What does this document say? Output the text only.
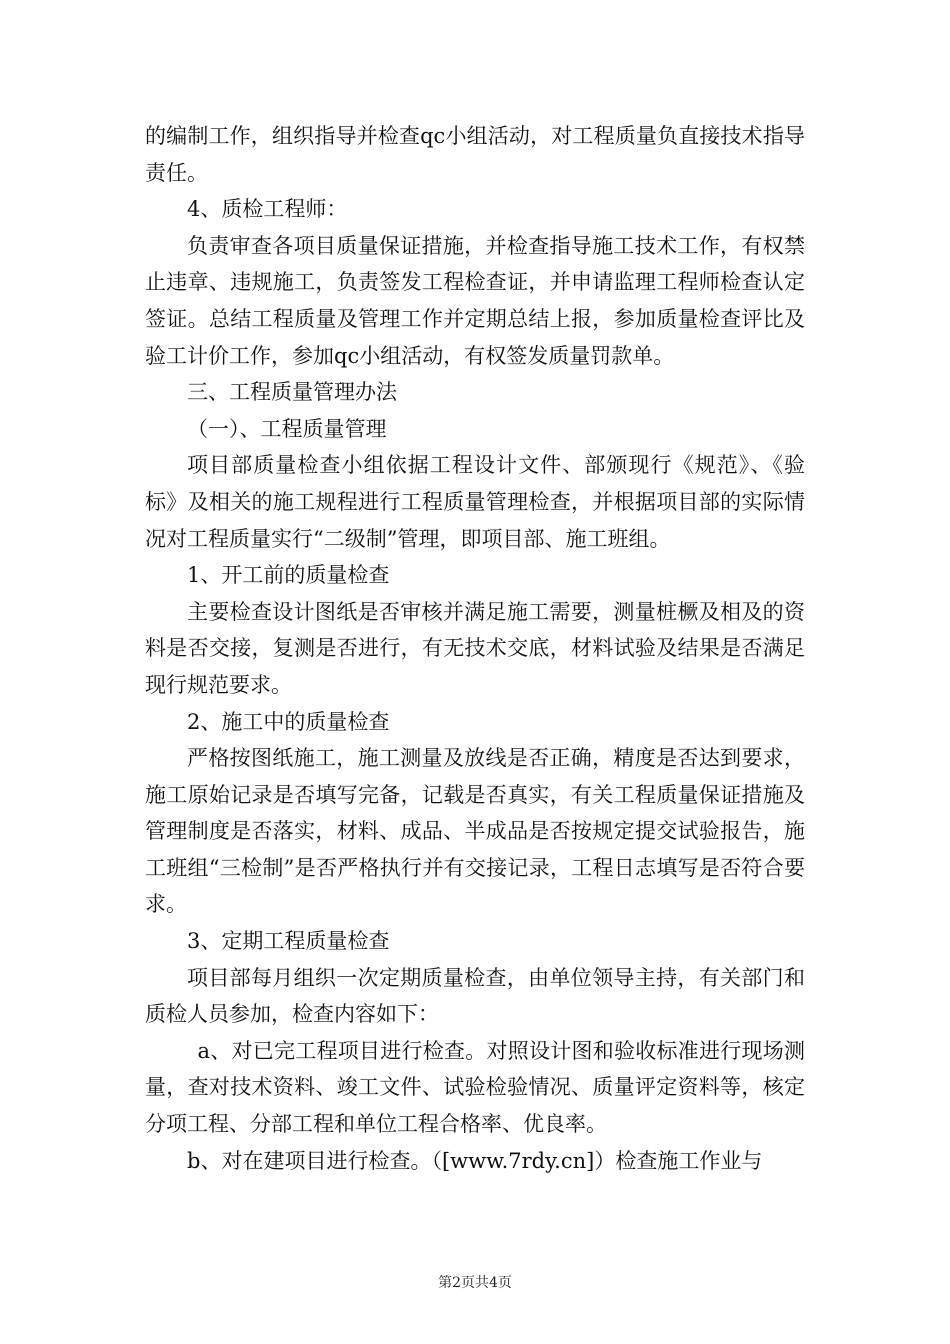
的编制工作，组织指导并检查qc小组活动，对工程质量负直接技术指导责任。

4、质检工程师：

负责审查各项目质量保证措施，并检查指导施工技术工作，有权禁止违章、违规施工，负责签发工程检查证，并申请监理工程师检查认定签证。总结工程质量及管理工作并定期总结上报，参加质量检查评比及验工计价工作，参加qc小组活动，有权签发质量罚款单。

三、工程质量管理办法

（一）、工程质量管理

项目部质量检查小组依据工程设计文件、部颁现行《规范》、《验标》及相关的施工规程进行工程质量管理检查，并根据项目部的实际情况对工程质量实行“二级制”管理，即项目部、施工班组。

1、开工前的质量检查

主要检查设计图纸是否审核并满足施工需要，测量桩橛及相及的资料是否交接，复测是否进行，有无技术交底，材料试验及结果是否满足现行规范要求。

2、施工中的质量检查

严格按图纸施工，施工测量及放线是否正确，精度是否达到要求，施工原始记录是否填写完备，记载是否真实，有关工程质量保证措施及管理制度是否落实，材料、成品、半成品是否按规定提交试验报告，施工班组“三检制”是否严格执行并有交接记录，工程日志填写是否符合要求。

3、定期工程质量检查

项目部每月组织一次定期质量检查，由单位领导主持，有关部门和质检人员参加，检查内容如下：

a、对已完工程项目进行检查。对照设计图和验收标准进行现场测量，查对技术资料、竣工文件、试验检验情况、质量评定资料等，核定分项工程、分部工程和单位工程合格率、优良率。

b、对在建项目进行检查。（[www.7rdy.cn]）检查施工作业与

第2页共4页
